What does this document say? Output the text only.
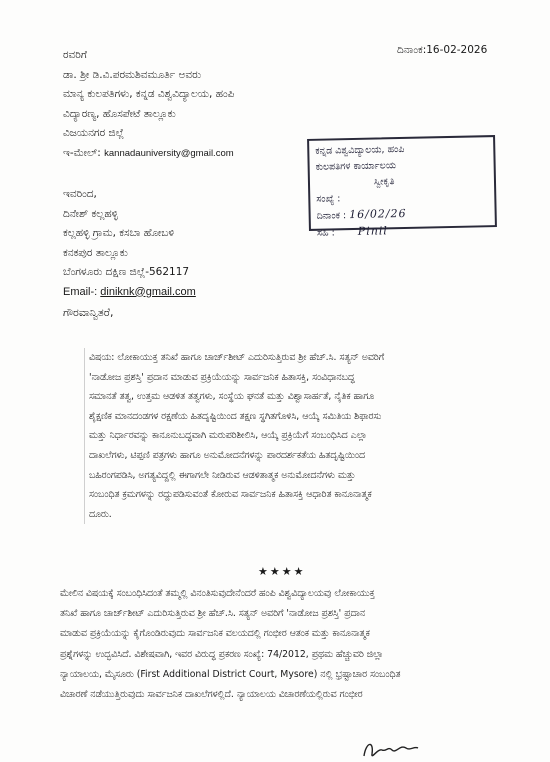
ದಿನಾಂಕ:16-02-2026
ರವರಿಗೆ
ಡಾ. ಶ್ರೀ ಡಿ.ವಿ.ಪರಮಶಿವಮೂರ್ತಿ ಅವರು
ಮಾನ್ಯ ಕುಲಪತಿಗಳು, ಕನ್ನಡ ವಿಶ್ವವಿದ್ಯಾಲಯ, ಹಂಪಿ
ವಿದ್ಯಾರಣ್ಯ, ಹೊಸಪೇಟೆ ತಾಲ್ಲೂಕು
ವಿಜಯನಗರ ಜಿಲ್ಲೆ
ಇ-ಮೇಲ್: kannadauniversity@gmail.com	ಕನ್ನಡ ವಿಶ್ವವಿದ್ಯಾಲಯ, ಹಂಪಿ
ಕುಲಪತಿಗಳ ಕಾರ್ಯಾಲಯ
ಸ್ವೀಕೃತಿ
ಸಂಖ್ಯೆ :
ದಿನಾಂಕ : 16/02/26
ಸಹಿ : Pinil
ಇವರಿಂದ,
ದಿನೇಶ್ ಕಲ್ಲಹಳ್ಳಿ
ಕಲ್ಲಹಳ್ಳಿ ಗ್ರಾಮ, ಕಸಬಾ ಹೋಬಳಿ
ಕನಕಪುರ ತಾಲ್ಲೂಕು
ಬೆಂಗಳೂರು ದಕ್ಷಿಣ ಜಿಲ್ಲೆ-562117
Email-: diniknk@gmail.com
ಗೌರವಾನ್ವಿತರೆ,
ವಿಷಯ: ಲೋಕಾಯುಕ್ತ ತನಿಖೆ ಹಾಗೂ ಚಾರ್ಜ್‌ಶೀಟ್ ಎದುರಿಸುತ್ತಿರುವ ಶ್ರೀ ಹೆಚ್.ಸಿ. ಸತ್ಯನ್ ಅವರಿಗೆ
'ನಾಡೋಜ ಪ್ರಶಸ್ತಿ' ಪ್ರದಾನ ಮಾಡುವ ಪ್ರಕ್ರಿಯೆಯನ್ನು ಸಾರ್ವಜನಿಕ ಹಿತಾಸಕ್ತಿ, ಸಂವಿಧಾನಬದ್ಧ
ಸಮಾನತೆ ತತ್ವ, ಉತ್ತಮ ಆಡಳಿತ ತತ್ವಗಳು, ಸಂಸ್ಥೆಯ ಘನತೆ ಮತ್ತು ವಿಶ್ವಾಸಾರ್ಹತೆ, ನೈತಿಕ ಹಾಗೂ
ಶೈಕ್ಷಣಿಕ ಮಾನದಂಡಗಳ ರಕ್ಷಣೆಯ ಹಿತದೃಷ್ಟಿಯಿಂದ ತಕ್ಷಣ ಸ್ಥಗಿತಗೊಳಿಸಿ, ಆಯ್ಕೆ ಸಮಿತಿಯ ಶಿಫಾರಸು
ಮತ್ತು ನಿರ್ಧಾರವನ್ನು ಕಾನೂನುಬದ್ಧವಾಗಿ ಮರುಪರಿಶೀಲಿಸಿ, ಆಯ್ಕೆ ಪ್ರಕ್ರಿಯೆಗೆ ಸಂಬಂಧಿಸಿದ ಎಲ್ಲಾ
ದಾಖಲೆಗಳು, ಟಿಪ್ಪಣಿ ಪತ್ರಗಳು ಹಾಗೂ ಅನುಮೋದನೆಗಳನ್ನು ಪಾರದರ್ಶಕತೆಯ ಹಿತದೃಷ್ಟಿಯಿಂದ
ಬಹಿರಂಗಪಡಿಸಿ, ಅಗತ್ಯವಿದ್ದಲ್ಲಿ ಈಗಾಗಲೇ ನೀಡಿರುವ ಆಡಳಿತಾತ್ಮಕ ಅನುಮೋದನೆಗಳು ಮತ್ತು
ಸಂಬಂಧಿತ ಕ್ರಮಗಳನ್ನು ರದ್ದುಪಡಿಸುವಂತೆ ಕೋರುವ ಸಾರ್ವಜನಿಕ ಹಿತಾಸಕ್ತಿ ಆಧಾರಿತ ಕಾನೂನಾತ್ಮಕ
ದೂರು.
★★★★
ಮೇಲಿನ ವಿಷಯಕ್ಕೆ ಸಂಬಂಧಿಸಿದಂತೆ ತಮ್ಮಲ್ಲಿ ವಿನಂತಿಸುವುದೇನೆಂದರೆ ಹಂಪಿ ವಿಶ್ವವಿದ್ಯಾಲಯವು ಲೋಕಾಯುಕ್ತ
ತನಿಖೆ ಹಾಗೂ ಚಾರ್ಜ್‌ಶೀಟ್ ಎದುರಿಸುತ್ತಿರುವ ಶ್ರೀ ಹೆಚ್.ಸಿ. ಸತ್ಯನ್ ಅವರಿಗೆ 'ನಾಡೋಜ ಪ್ರಶಸ್ತಿ' ಪ್ರದಾನ
ಮಾಡುವ ಪ್ರಕ್ರಿಯೆಯನ್ನು ಕೈಗೊಂಡಿರುವುದು ಸಾರ್ವಜನಿಕ ವಲಯದಲ್ಲಿ ಗಂಭೀರ ಆತಂಕ ಮತ್ತು ಕಾನೂನಾತ್ಮಕ
ಪ್ರಶ್ನೆಗಳನ್ನು ಉದ್ಭವಿಸಿದೆ. ವಿಶೇಷವಾಗಿ, ಇವರ ವಿರುದ್ಧ ಪ್ರಕರಣ ಸಂಖ್ಯೆ: 74/2012, ಪ್ರಥಮ ಹೆಚ್ಚುವರಿ ಜಿಲ್ಲಾ
ನ್ಯಾಯಾಲಯ, ಮೈಸೂರು (First Additional District Court, Mysore) ನಲ್ಲಿ ಭ್ರಷ್ಟಾಚಾರ ಸಂಬಂಧಿತ
ವಿಚಾರಣೆ ನಡೆಯುತ್ತಿರುವುದು ಸಾರ್ವಜನಿಕ ದಾಖಲೆಗಳಲ್ಲಿದೆ. ನ್ಯಾಯಾಲಯ ವಿಚಾರಣೆಯಲ್ಲಿರುವ ಗಂಭೀರ
